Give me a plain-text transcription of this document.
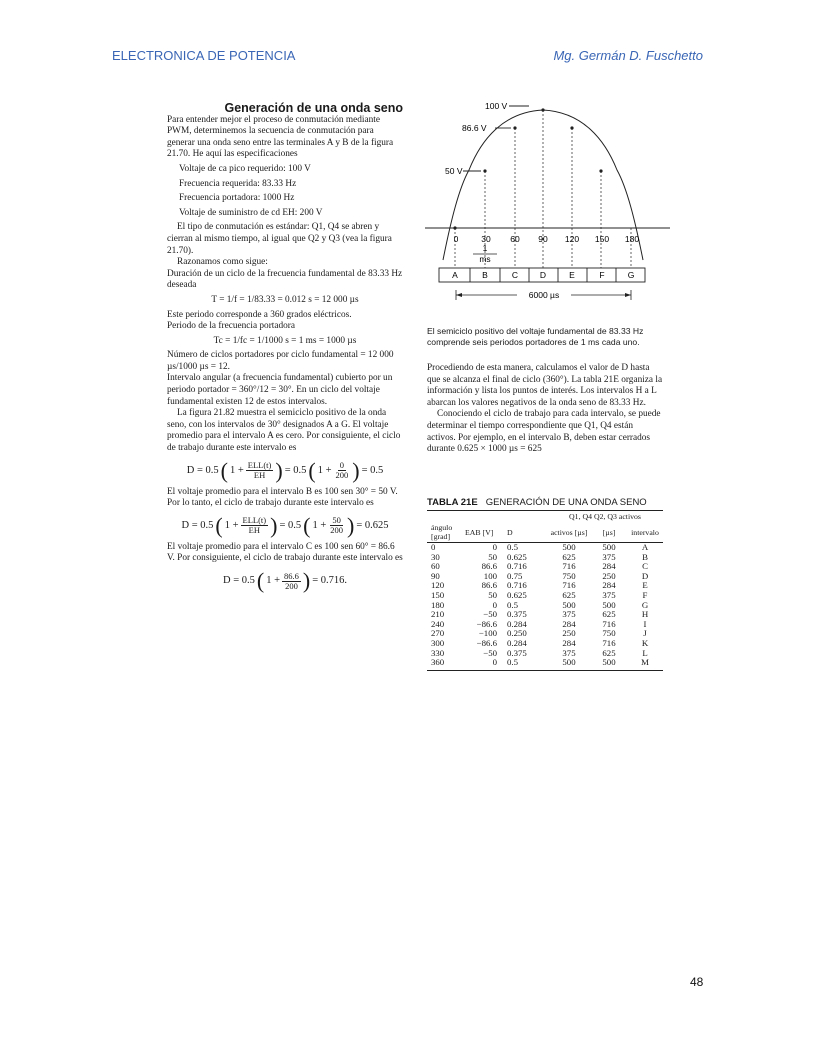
ELECTRONICA DE POTENCIA	Mg. Germán D. Fuschetto

Generación de una onda seno

Para entender mejor el proceso de conmutación mediante PWM, determinemos la secuencia de conmutación para generar una onda seno entre las terminales A y B de la figura 21.70. He aquí las especificaciones

Voltaje de ca pico requerido: 100 V

Frecuencia requerida: 83.33 Hz

Frecuencia portadora: 1000 Hz

Voltaje de suministro de cd EH: 200 V

El tipo de conmutación es estándar: Q1, Q4 se abren y cierran al mismo tiempo, al igual que Q2 y Q3 (vea la figura 21.70).

Razonamos como sigue:

Duración de un ciclo de la frecuencia fundamental de 83.33 Hz deseada

T = 1/f = 1/83.33 = 0.012 s = 12 000 µs

Este periodo corresponde a 360 grados eléctricos.

Periodo de la frecuencia portadora

Tc = 1/fc = 1/1000 s = 1 ms = 1000 µs

Número de ciclos portadores por ciclo fundamental = 12 000 µs/1000 µs = 12.

Intervalo angular (a frecuencia fundamental) cubierto por un periodo portador = 360°/12 = 30°. En un ciclo del voltaje fundamental existen 12 de estos intervalos.

La figura 21.82 muestra el semiciclo positivo de la onda seno, con los intervalos de 30° designados A a G. El voltaje promedio para el intervalo A es cero. Por consiguiente, el ciclo de trabajo durante este intervalo es

D = 0.5 ( $1 + \frac{\text{ELL(t)}}{EH}$ ) = 0.5 ( $1 + \frac{0}{200}$ ) = 0.5

El voltaje promedio para el intervalo B es 100 sen 30° = 50 V. Por lo tanto, el ciclo de trabajo durante este intervalo es

D = 0.5 ( $1 + \frac{\text{ELL(t)}}{EH}$ ) = 0.5 ( $1 + \frac{50}{200}$ ) = 0.625

El voltaje promedio para el intervalo C es 100 sen 60° = 86.6 V. Por consiguiente, el ciclo de trabajo durante este intervalo es

D = 0.5 ( $1 + \frac{86.6}{200}$ ) = 0.716.
100 V
86.6 V
50 V
0	30 60 90 120 150 180
1
ms
A	B	C	D	E	F	G
6000 µs
El semiciclo positivo del voltaje fundamental de 83.33 Hz comprende seis periodos portadores de 1 ms cada uno.

Procediendo de esta manera, calculamos el valor de D hasta que se alcanza el final de ciclo (360°). La tabla 21E organiza la información y lista los puntos de interés. Los intervalos H a L abarcan los valores negativos de la onda seno de 83.33 Hz.

Conociendo el ciclo de trabajo para cada intervalo, se puede determinar el tiempo correspondiente que Q1, Q4 están activos. Por ejemplo, en el intervalo B, deben estar cerrados durante 0.625 × 1000 µs = 625

TABLA 21E GENERACIÓN DE UNA ONDA SENO
			Q1, Q4 Q2, Q3 activos		
ángulo [grad]	EAB [V]	D	activos [µs]	[µs]	intervalo
0	0	0.5	500	500	A
30	50	0.625	625	375	B
60	86.6	0.716	716	284	C
90	100	0.75	750	250	D
120	86.6	0.716	716	284	E
150	50	0.625	625	375	F
180	0	0.5	500	500	G
210	−50	0.375	375	625	H
240	−86.6	0.284	284	716	I
270	−100	0.250	250	750	J
300	−86.6	0.284	284	716	K
330	−50	0.375	375	625	L
360	0	0.5	500	500	M
48
